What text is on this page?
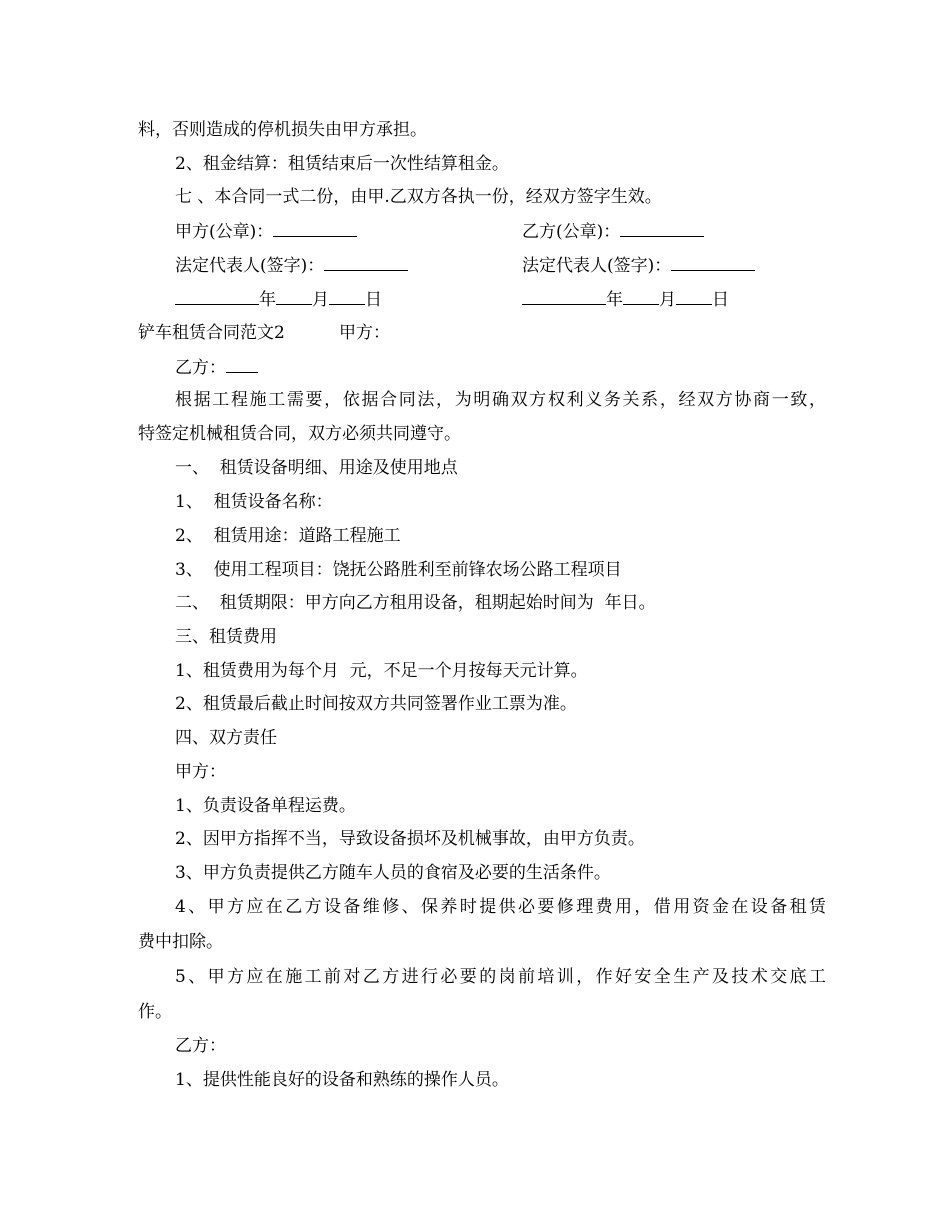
料，否则造成的停机损失由甲方承担。
2、租金结算：租赁结束后一次性结算租金。
七 、本合同一式二份，由甲.乙双方各执一份，经双方签字生效。
甲方(公章)：	乙方(公章)：
法定代表人(签字)：	法定代表人(签字)：
年 月 日	年 月 日
铲车租赁合同范文2	甲方：
乙方：
根据工程施工需要，依据合同法，为明确双方权利义务关系，经双方协商一致，
特签定机械租赁合同，双方必须共同遵守。
一、  租赁设备明细、用途及使用地点
1、  租赁设备名称：
2、  租赁用途：道路工程施工
3、  使用工程项目：饶抚公路胜利至前锋农场公路工程项目
二、  租赁期限：甲方向乙方租用设备，租期起始时间为  年日。
三、租赁费用
1、租赁费用为每个月  元，不足一个月按每天元计算。
2、租赁最后截止时间按双方共同签署作业工票为准。
四、双方责任
甲方：
1、负责设备单程运费。
2、因甲方指挥不当，导致设备损坏及机械事故，由甲方负责。
3、甲方负责提供乙方随车人员的食宿及必要的生活条件。
4、甲方应在乙方设备维修、保养时提供必要修理费用，借用资金在设备租赁
费中扣除。
5、甲方应在施工前对乙方进行必要的岗前培训，作好安全生产及技术交底工
作。
乙方：
1、提供性能良好的设备和熟练的操作人员。
